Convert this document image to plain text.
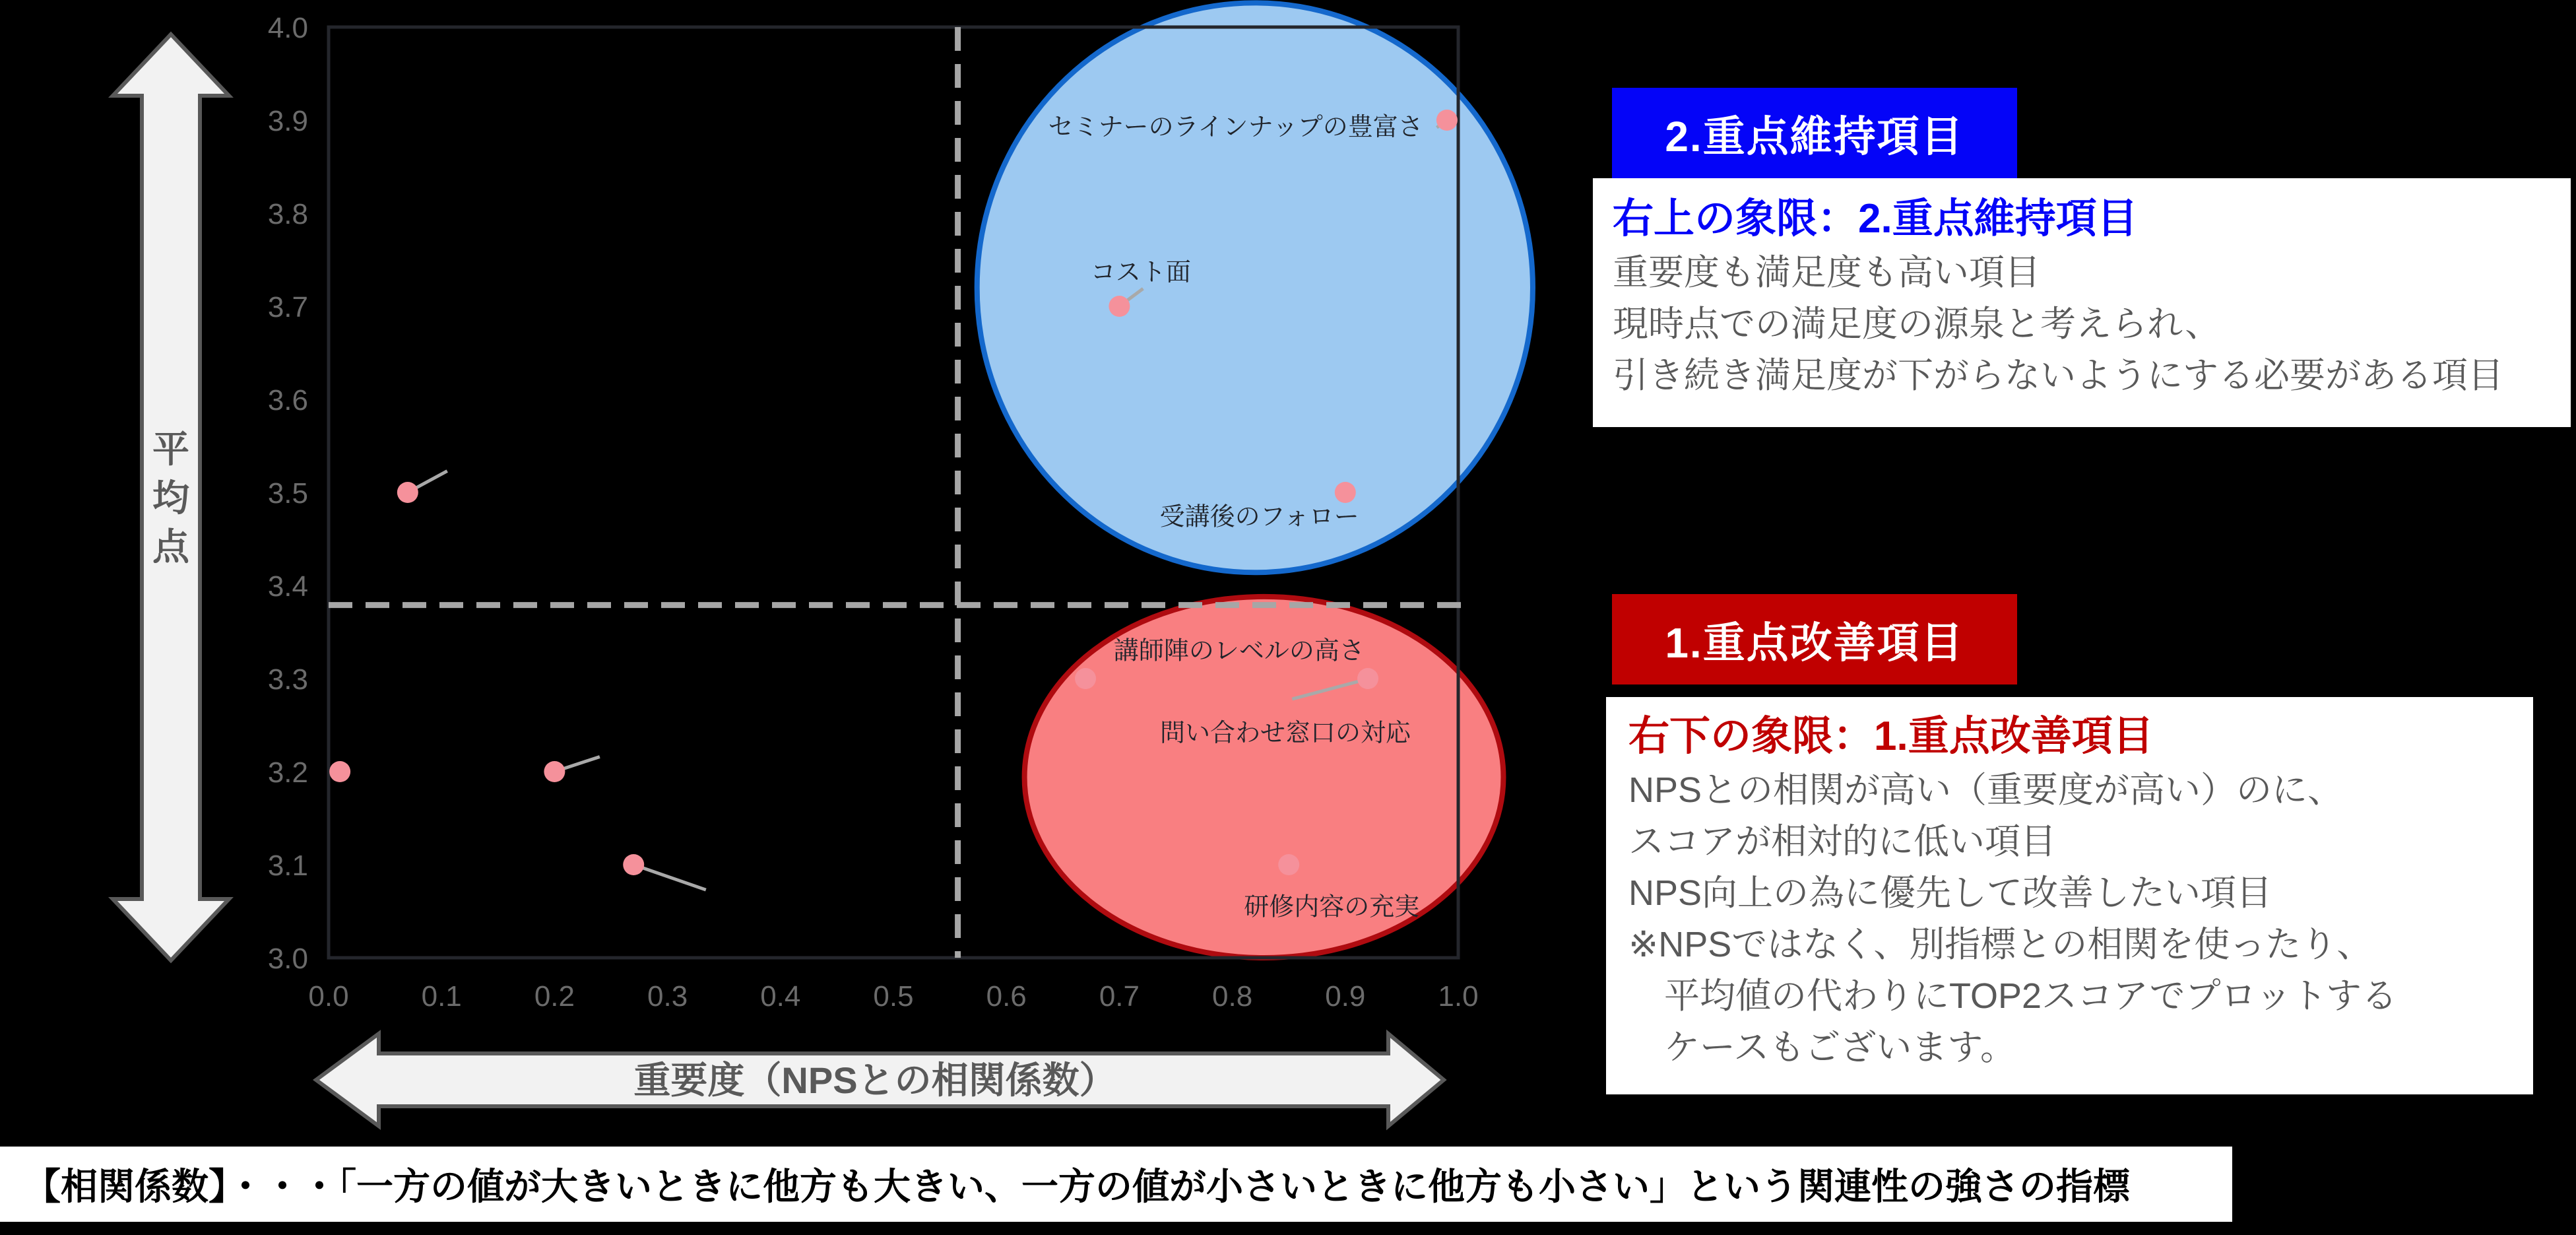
セミナーのラインナップの豊富さ
コスト面
受講後のフォロー
講師陣のレベルの高さ
問い合わせ窓口の対応
研修内容の充実
3.0
3.1
3.2
3.3
3.4
3.5
3.6
3.7
3.8
3.9
4.0
0.0	0.1	0.2	0.3	0.4	0.5	0.6	0.7	0.8	0.9	1.0
平
均
点
重要度（NPSとの相関係数）
2.重点維持項目
右上の象限：2.重点維持項目
重要度も満足度も高い項目
現時点での満足度の源泉と考えられ、
引き続き満足度が下がらないようにする必要がある項目
1.重点改善項目
右下の象限：1.重点改善項目
NPSとの相関が高い（重要度が高い）のに、
スコアが相対的に低い項目
NPS向上の為に優先して改善したい項目
※NPSではなく、別指標との相関を使ったり、
　平均値の代わりにTOP2スコアでプロットする
　ケースもございます。
【相関係数】・・・「一方の値が大きいときに他方も大きい、一方の値が小さいときに他方も小さい」という関連性の強さの指標
